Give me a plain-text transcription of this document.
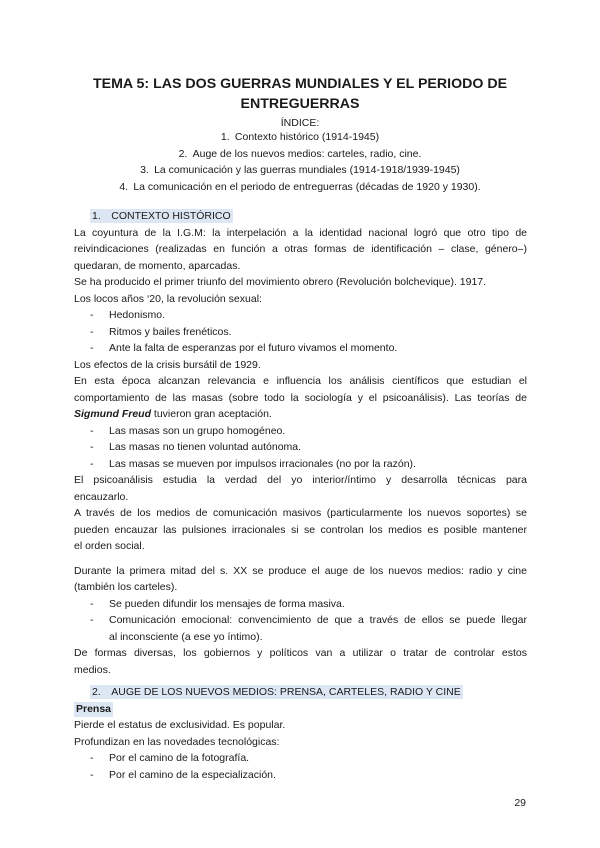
TEMA 5: LAS DOS GUERRAS MUNDIALES Y EL PERIODO DE
ENTREGUERRAS
ÍNDICE:
1. Contexto histórico (1914-1945)
2. Auge de los nuevos medios: carteles, radio, cine.
3. La comunicación y las guerras mundiales (1914-1918/1939-1945)
4. La comunicación en el periodo de entreguerras (décadas de 1920 y 1930).
1.  CONTEXTO HISTÓRICO
La coyuntura de la I.G.M: la interpelación a la identidad nacional logró que otro tipo de
reivindicaciones (realizadas en función a otras formas de identificación – clase, género–)
quedaran, de momento, aparcadas.
Se ha producido el primer triunfo del movimiento obrero (Revolución bolchevique). 1917.
Los locos años ‘20, la revolución sexual:
- Hedonismo.
- Ritmos y bailes frenéticos.
- Ante la falta de esperanzas por el futuro vivamos el momento.
Los efectos de la crisis bursátil de 1929.
En esta época alcanzan relevancia e influencia los análisis científicos que estudian el
comportamiento de las masas (sobre todo la sociología y el psicoanálisis). Las teorías de
Sigmund Freud tuvieron gran aceptación.
- Las masas son un grupo homogéneo.
- Las masas no tienen voluntad autónoma.
- Las masas se mueven por impulsos irracionales (no por la razón).
El psicoanálisis estudia la verdad del yo interior/íntimo y desarrolla técnicas para
encauzarlo.
A través de los medios de comunicación masivos (particularmente los nuevos soportes) se
pueden encauzar las pulsiones irracionales si se controlan los medios es posible mantener
el orden social.
Durante la primera mitad del s. XX se produce el auge de los nuevos medios: radio y cine
(también los carteles).
- Se pueden difundir los mensajes de forma masiva.
- Comunicación emocional: convencimiento de que a través de ellos se puede llegar
al inconsciente (a ese yo íntimo).
De formas diversas, los gobiernos y políticos van a utilizar o tratar de controlar estos
medios.
2.  AUGE DE LOS NUEVOS MEDIOS: PRENSA, CARTELES, RADIO Y CINE
Prensa
Pierde el estatus de exclusividad. Es popular.
Profundizan en las novedades tecnológicas:
- Por el camino de la fotografía.
- Por el camino de la especialización.
29
